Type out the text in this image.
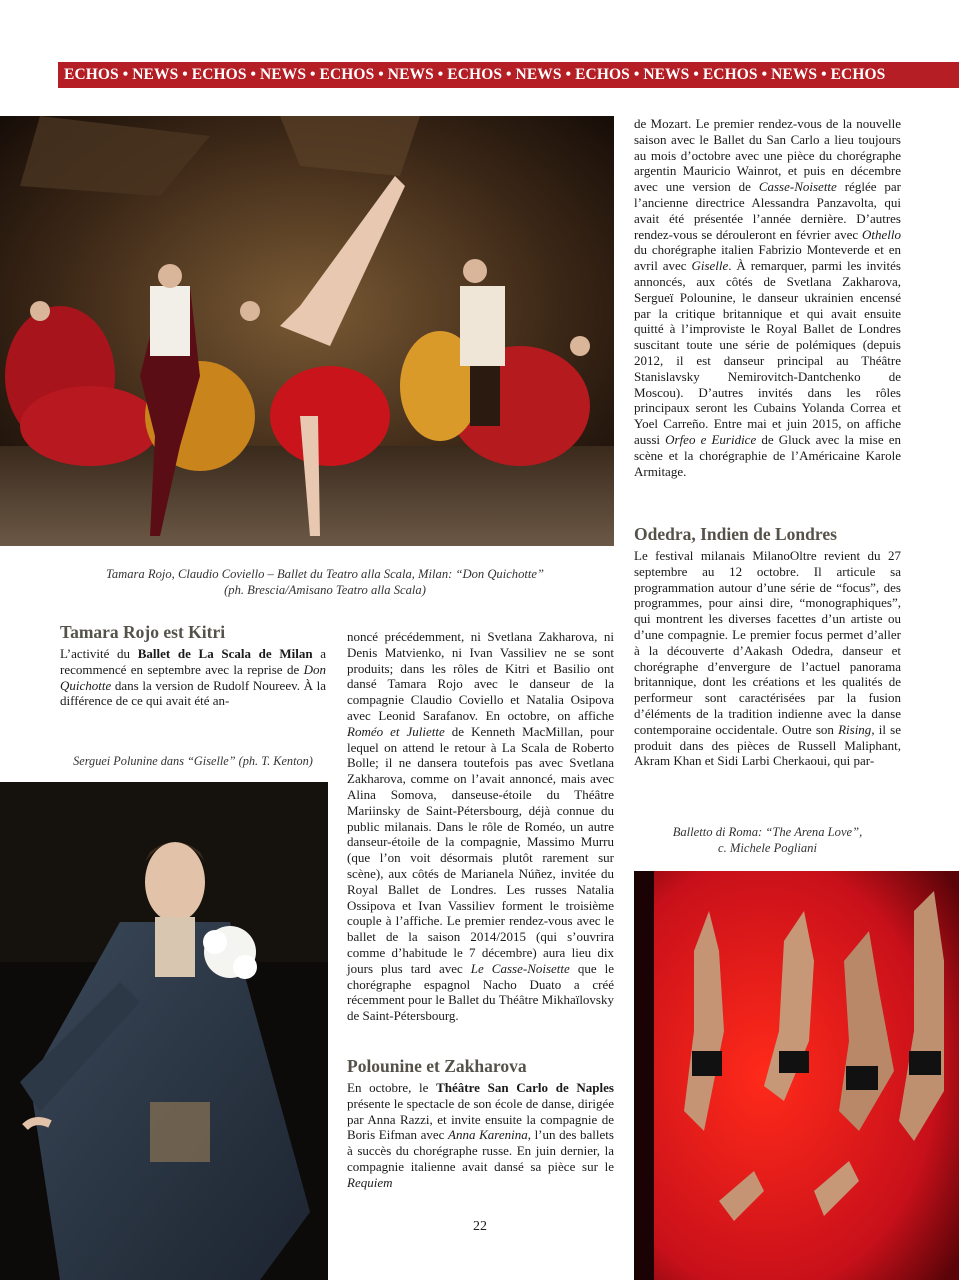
ECHOS • NEWS • ECHOS • NEWS • ECHOS • NEWS • ECHOS • NEWS • ECHOS • NEWS • ECHOS • NEWS • ECHOS
Tamara Rojo, Claudio Coviello – Ballet du Teatro alla Scala, Milan: “Don Quichotte”
(ph. Brescia/Amisano Teatro alla Scala)
Tamara Rojo est Kitri

L’activité du Ballet de La Scala de Milan a recommencé en septembre avec la reprise de Don Quichotte dans la version de Rudolf Noureev. À la différence de ce qui avait été an-

Serguei Polunine dans “Giselle” (ph. T. Kenton)

noncé précédemment, ni Svetlana Zakharova, ni Denis Matvienko, ni Ivan Vassiliev ne se sont produits; dans les rôles de Kitri et Basilio ont dansé Tamara Rojo avec le danseur de la compagnie Claudio Coviello et Natalia Osipova avec Leonid Sarafanov. En octobre, on affiche Roméo et Juliette de Kenneth MacMillan, pour lequel on attend le retour à La Scala de Roberto Bolle; il ne dansera toutefois pas avec Svetlana Zakharova, comme on l’avait annoncé, mais avec Alina Somova, danseuse-étoile du Théâtre Mariinsky de Saint-Pétersbourg, déjà connue du public milanais. Dans le rôle de Roméo, un autre danseur-étoile de la compagnie, Massimo Murru (que l’on voit désormais plutôt rarement sur scène), aux côtés de Marianela Núñez, invitée du Royal Ballet de Londres. Les russes Natalia Ossipova et Ivan Vassiliev forment le troisième couple à l’affiche. Le premier rendez-vous avec le ballet de la saison 2014/2015 (qui s’ouvrira comme d’habitude le 7 décembre) aura lieu dix jours plus tard avec Le Casse-Noisette que le chorégraphe espagnol Nacho Duato a créé récemment pour le Ballet du Théâtre Mikhaïlovsky de Saint-Pétersbourg.

Polounine et Zakharova

En octobre, le Théâtre San Carlo de Naples présente le spectacle de son école de danse, dirigée par Anna Razzi, et invite ensuite la compagnie de Boris Eifman avec Anna Karenina, l’un des ballets à succès du chorégraphe russe. En juin dernier, la compagnie italienne avait dansé sa pièce sur le Requiem

de Mozart. Le premier rendez-vous de la nouvelle saison avec le Ballet du San Carlo a lieu toujours au mois d’octobre avec une pièce du chorégraphe argentin Mauricio Wainrot, et puis en décembre avec une version de Casse-Noisette réglée par l’ancienne directrice Alessandra Panzavolta, qui avait été présentée l’année dernière. D’autres rendez-vous se dérouleront en février avec Othello du chorégraphe italien Fabrizio Monteverde et en avril avec Giselle. À remarquer, parmi les invités annoncés, aux côtés de Svetlana Zakharova, Sergueï Polounine, le danseur ukrainien encensé par la critique britannique et qui avait ensuite quitté à l’improviste le Royal Ballet de Londres suscitant toute une série de polémiques (depuis 2012, il est danseur principal au Théâtre Stanislavsky Nemirovitch-Dantchenko de Moscou). D’autres invités dans les rôles principaux seront les Cubains Yolanda Correa et Yoel Carreño. Entre mai et juin 2015, on affiche aussi Orfeo e Euridice de Gluck avec la mise en scène et la chorégraphie de l’Américaine Karole Armitage.

Odedra, Indien de Londres

Le festival milanais MilanoOltre revient du 27 septembre au 12 octobre. Il articule sa programmation autour d’une série de “focus”, des programmes, pour ainsi dire, “monographiques”, qui montrent les diverses facettes d’un artiste ou d’une compagnie. Le premier focus permet d’aller à la découverte d’Aakash Odedra, danseur et chorégraphe d’envergure de l’actuel panorama britannique, dont les créations et les qualités de performeur sont caractérisées par la fusion d’éléments de la tradition indienne avec la danse contemporaine occidentale. Outre son Rising, il se produit dans des pièces de Russell Maliphant, Akram Khan et Sidi Larbi Cherkaoui, qui par-

Balletto di Roma: “The Arena Love”,
c. Michele Pogliani
22
